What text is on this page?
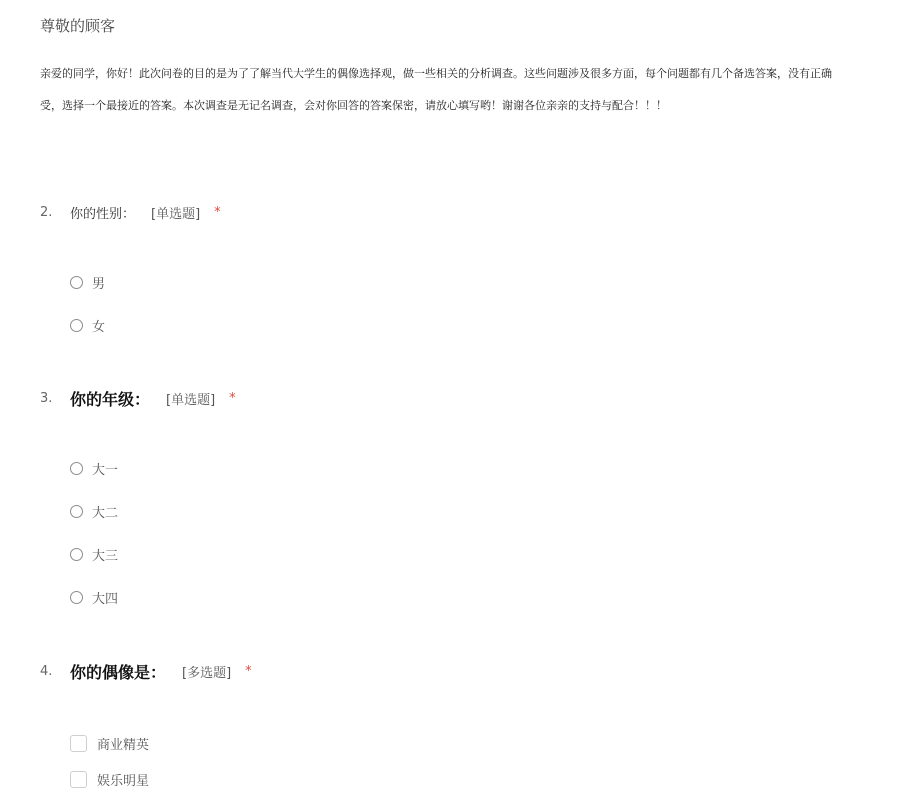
尊敬的顾客
亲爱的同学，你好！此次问卷的目的是为了了解当代大学生的偶像选择观，做一些相关的分析调查。这些问题涉及很多方面，每个问题都有几个备选答案，没有正确
受，选择一个最接近的答案。本次调查是无记名调查，会对你回答的答案保密，请放心填写哟！谢谢各位亲亲的支持与配合！！！
2.	你的性别： [单选题] *
男
女
3.	你的年级： [单选题] *
大一
大二
大三
大四
4.	你的偶像是： [多选题] *
商业精英
娱乐明星
